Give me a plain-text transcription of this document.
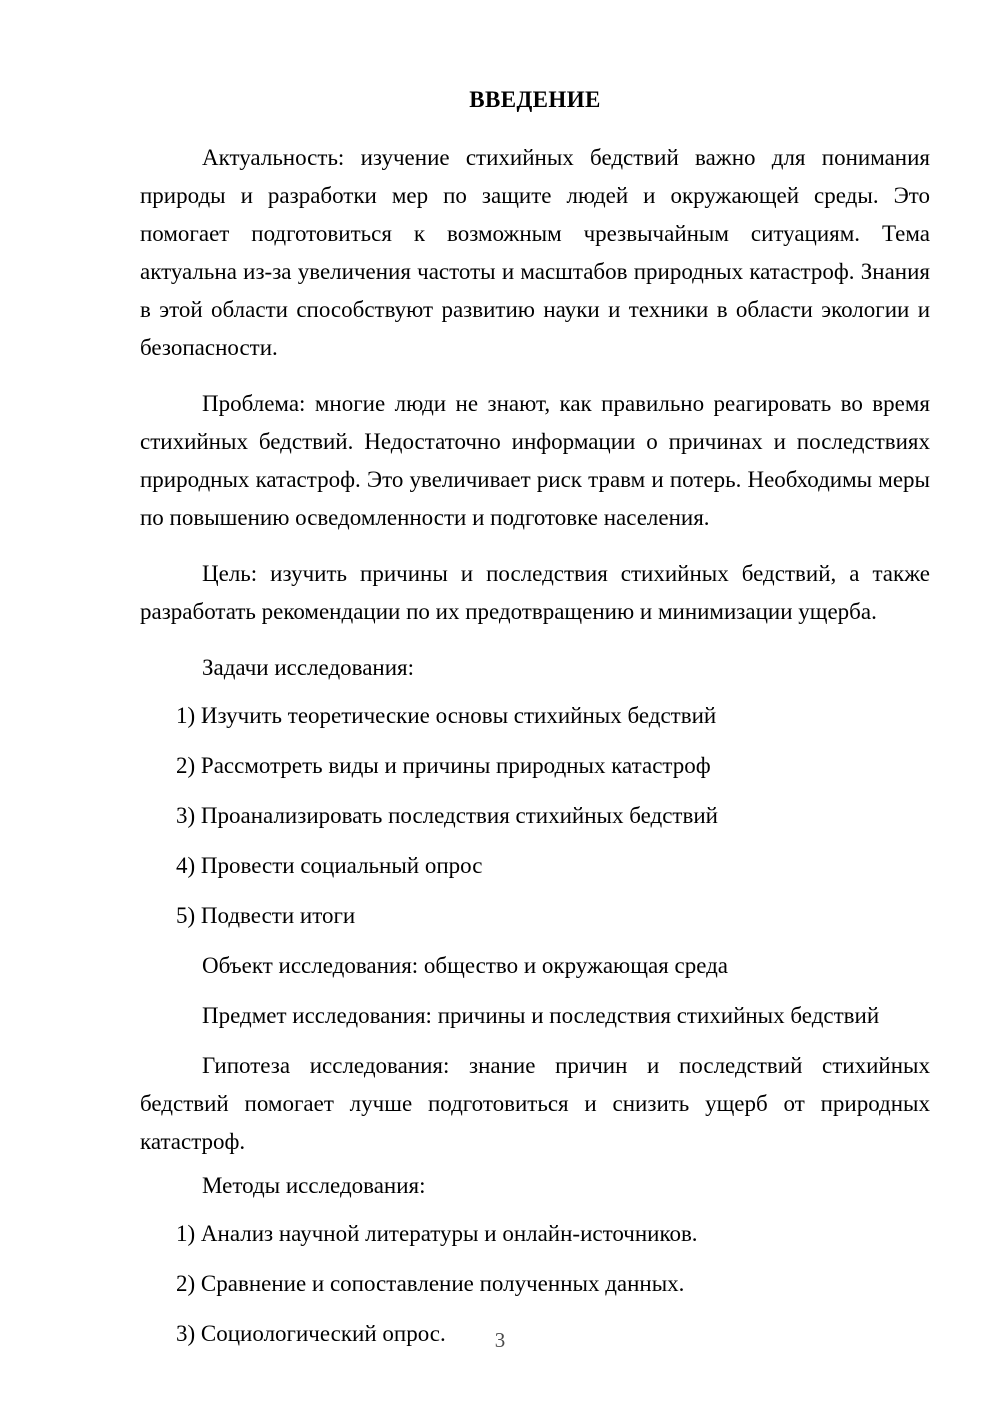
ВВЕДЕНИЕ

Актуальность: изучение стихийных бедствий важно для понимания природы и разработки мер по защите людей и окружающей среды. Это помогает подготовиться к возможным чрезвычайным ситуациям. Тема актуальна из-за увеличения частоты и масштабов природных катастроф. Знания в этой области способствуют развитию науки и техники в области экологии и безопасности.

Проблема: многие люди не знают, как правильно реагировать во время стихийных бедствий. Недостаточно информации о причинах и последствиях природных катастроф. Это увеличивает риск травм и потерь. Необходимы меры по повышению осведомленности и подготовке населения.

Цель: изучить причины и последствия стихийных бедствий, а также разработать рекомендации по их предотвращению и минимизации ущерба.

Задачи исследования:

1) Изучить теоретические основы стихийных бедствий
2) Рассмотреть виды и причины природных катастроф
3) Проанализировать последствия стихийных бедствий
4) Провести социальный опрос
5) Подвести итоги

Объект исследования: общество и окружающая среда

Предмет исследования: причины и последствия стихийных бедствий

Гипотеза исследования: знание причин и последствий стихийных бедствий помогает лучше подготовиться и снизить ущерб от природных катастроф.

Методы исследования:

1) Анализ научной литературы и онлайн-источников.
2) Сравнение и сопоставление полученных данных.
3) Социологический опрос.	3
